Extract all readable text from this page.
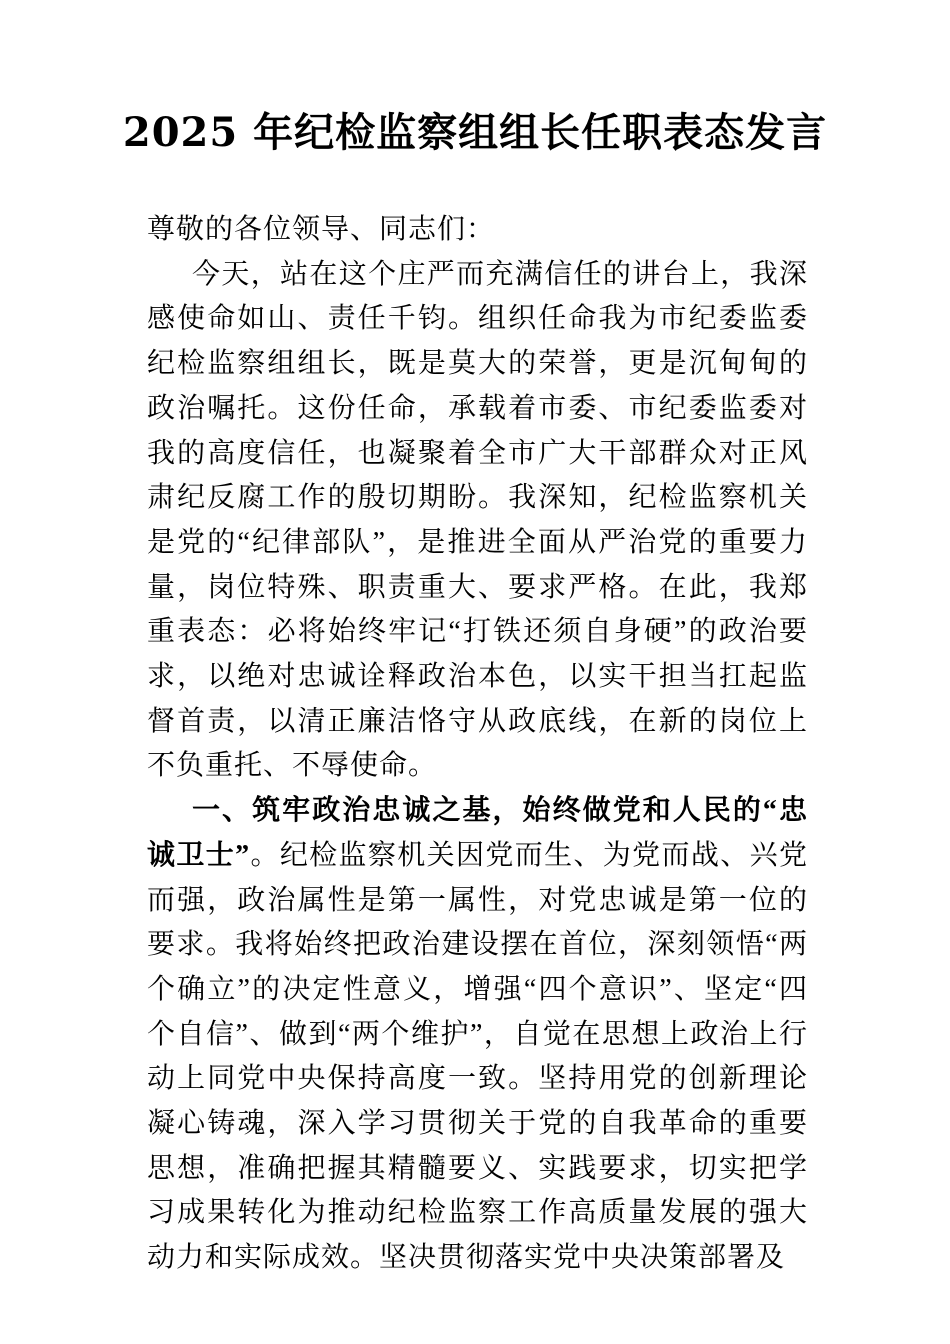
2025 年纪检监察组组长任职表态发言

尊敬的各位领导、同志们：

今天，站在这个庄严而充满信任的讲台上，我深感使命如山、责任千钧。组织任命我为市纪委监委纪检监察组组长，既是莫大的荣誉，更是沉甸甸的政治嘱托。这份任命，承载着市委、市纪委监委对我的高度信任，也凝聚着全市广大干部群众对正风肃纪反腐工作的殷切期盼。我深知，纪检监察机关是党的“纪律部队”，是推进全面从严治党的重要力量，岗位特殊、职责重大、要求严格。在此，我郑重表态：必将始终牢记“打铁还须自身硬”的政治要求，以绝对忠诚诠释政治本色，以实干担当扛起监督首责，以清正廉洁恪守从政底线，在新的岗位上不负重托、不辱使命。

一、筑牢政治忠诚之基，始终做党和人民的“忠诚卫士”。纪检监察机关因党而生、为党而战、兴党而强，政治属性是第一属性，对党忠诚是第一位的要求。我将始终把政治建设摆在首位，深刻领悟“两个确立”的决定性意义，增强“四个意识”、坚定“四个自信”、做到“两个维护”，自觉在思想上政治上行动上同党中央保持高度一致。坚持用党的创新理论凝心铸魂，深入学习贯彻关于党的自我革命的重要思想，准确把握其精髓要义、实践要求，切实把学习成果转化为推动纪检监察工作高质量发展的强大动力和实际成效。坚决贯彻落实党中央决策部署及
